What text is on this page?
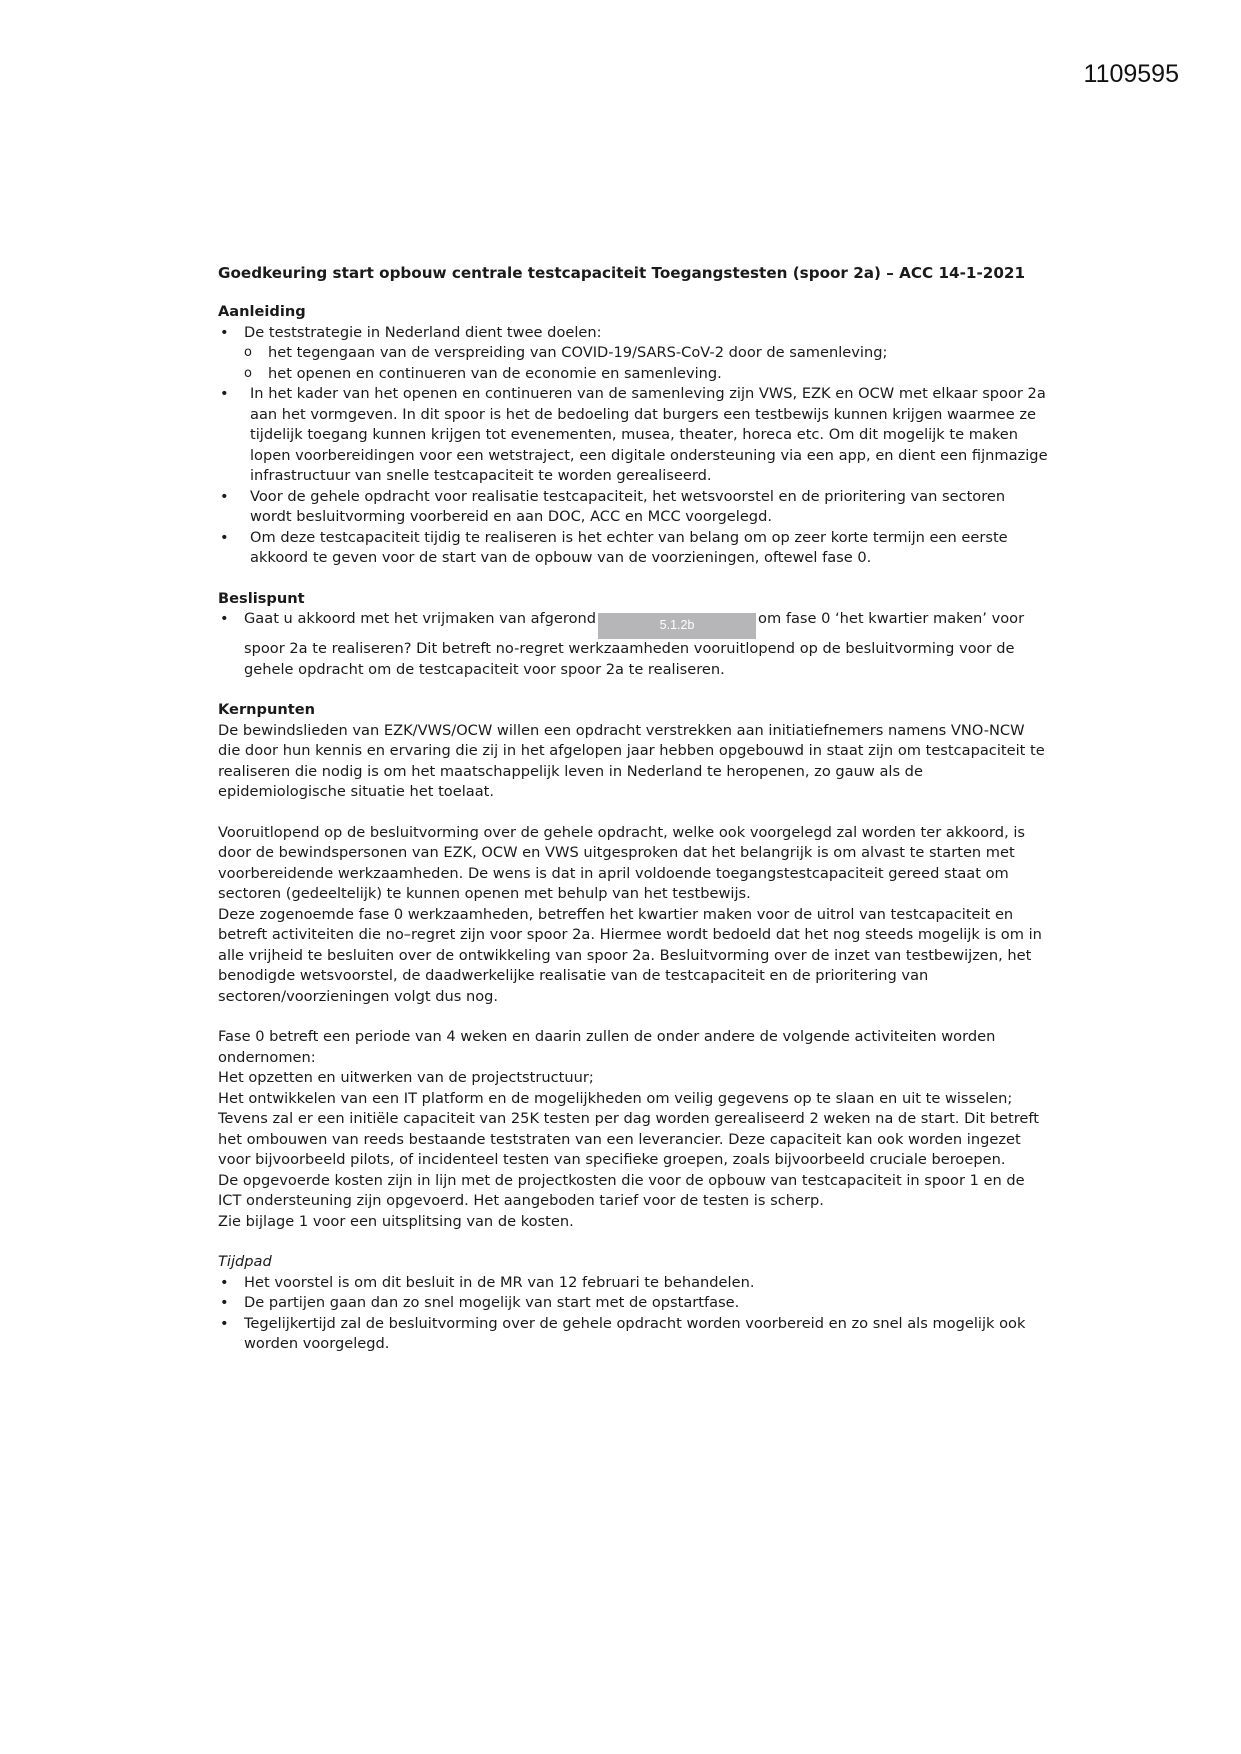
1109595

Goedkeuring start opbouw centrale testcapaciteit Toegangstesten (spoor 2a) – ACC 14-1-2021

Aanleiding

• De teststrategie in Nederland dient twee doelen:
o het tegengaan van de verspreiding van COVID-19/SARS-CoV-2 door de samenleving;
o het openen en continueren van de economie en samenleving.
• In het kader van het openen en continueren van de samenleving zijn VWS, EZK en OCW met elkaar spoor 2a aan het vormgeven. In dit spoor is het de bedoeling dat burgers een testbewijs kunnen krijgen waarmee ze tijdelijk toegang kunnen krijgen tot evenementen, musea, theater, horeca etc. Om dit mogelijk te maken lopen voorbereidingen voor een wetstraject, een digitale ondersteuning via een app, en dient een fijnmazige infrastructuur van snelle testcapaciteit te worden gerealiseerd.
• Voor de gehele opdracht voor realisatie testcapaciteit, het wetsvoorstel en de prioritering van sectoren wordt besluitvorming voorbereid en aan DOC, ACC en MCC voorgelegd.
• Om deze testcapaciteit tijdig te realiseren is het echter van belang om op zeer korte termijn een eerste akkoord te geven voor de start van de opbouw van de voorzieningen, oftewel fase 0.

Beslispunt

• Gaat u akkoord met het vrijmaken van afgerond	5.1.2b	om fase 0 ‘het kwartier maken’ voor spoor 2a te realiseren? Dit betreft no-regret werkzaamheden vooruitlopend op de besluitvorming voor de gehele opdracht om de testcapaciteit voor spoor 2a te realiseren.

Kernpunten

De bewindslieden van EZK/VWS/OCW willen een opdracht verstrekken aan initiatiefnemers namens VNO-NCW die door hun kennis en ervaring die zij in het afgelopen jaar hebben opgebouwd in staat zijn om testcapaciteit te realiseren die nodig is om het maatschappelijk leven in Nederland te heropenen, zo gauw als de epidemiologische situatie het toelaat.

Vooruitlopend op de besluitvorming over de gehele opdracht, welke ook voorgelegd zal worden ter akkoord, is door de bewindspersonen van EZK, OCW en VWS uitgesproken dat het belangrijk is om alvast te starten met voorbereidende werkzaamheden. De wens is dat in april voldoende toegangstestcapaciteit gereed staat om sectoren (gedeeltelijk) te kunnen openen met behulp van het testbewijs.

Deze zogenoemde fase 0 werkzaamheden, betreffen het kwartier maken voor de uitrol van testcapaciteit en betreft activiteiten die no–regret zijn voor spoor 2a. Hiermee wordt bedoeld dat het nog steeds mogelijk is om in alle vrijheid te besluiten over de ontwikkeling van spoor 2a. Besluitvorming over de inzet van testbewijzen, het benodigde wetsvoorstel, de daadwerkelijke realisatie van de testcapaciteit en de prioritering van sectoren/voorzieningen volgt dus nog.

Fase 0 betreft een periode van 4 weken en daarin zullen de onder andere de volgende activiteiten worden ondernomen:

Het opzetten en uitwerken van de projectstructuur;

Het ontwikkelen van een IT platform en de mogelijkheden om veilig gegevens op te slaan en uit te wisselen;

Tevens zal er een initiële capaciteit van 25K testen per dag worden gerealiseerd 2 weken na de start. Dit betreft het ombouwen van reeds bestaande teststraten van een leverancier. Deze capaciteit kan ook worden ingezet voor bijvoorbeeld pilots, of incidenteel testen van specifieke groepen, zoals bijvoorbeeld cruciale beroepen.

De opgevoerde kosten zijn in lijn met de projectkosten die voor de opbouw van testcapaciteit in spoor 1 en de ICT ondersteuning zijn opgevoerd. Het aangeboden tarief voor de testen is scherp.

Zie bijlage 1 voor een uitsplitsing van de kosten.

Tijdpad

• Het voorstel is om dit besluit in de MR van 12 februari te behandelen.
• De partijen gaan dan zo snel mogelijk van start met de opstartfase.
• Tegelijkertijd zal de besluitvorming over de gehele opdracht worden voorbereid en zo snel als mogelijk ook worden voorgelegd.
